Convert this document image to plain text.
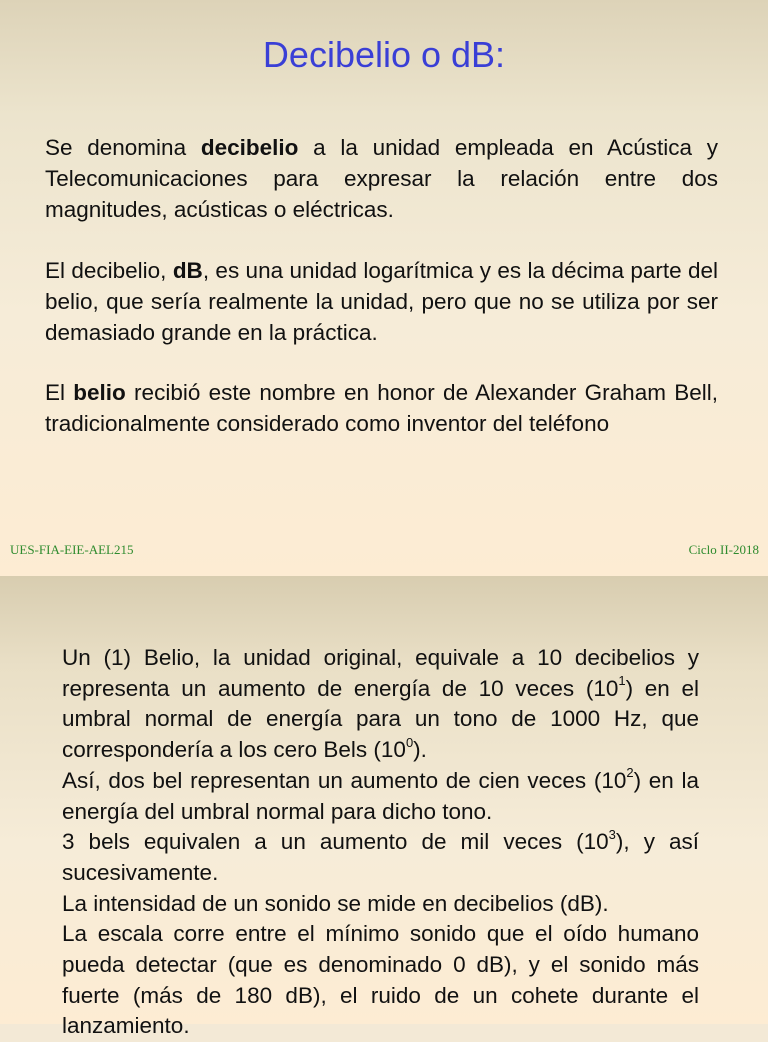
Decibelio o dB:

Se denomina decibelio a la unidad empleada en Acústica y Telecomunicaciones para expresar la relación entre dos magnitudes, acústicas o eléctricas.

El decibelio, dB, es una unidad logarítmica y es la décima parte del belio, que sería realmente la unidad, pero que no se utiliza por ser demasiado grande en la práctica.

El belio recibió este nombre en honor de Alexander Graham Bell, tradicionalmente considerado como inventor del teléfono

UES-FIA-EIE-AEL215	Ciclo II-2018

Un (1) Belio, la unidad original, equivale a 10 decibelios y representa un aumento de energía de 10 veces $(10^1)$ en el umbral normal de energía para un tono de 1000 Hz, que correspondería a los cero Bels $(10^0)$.
Así, dos bel representan un aumento de cien veces $(10^2)$ en la energía del umbral normal para dicho tono.
3 bels equivalen a un aumento de mil veces $(10^3)$, y así sucesivamente.
La intensidad de un sonido se mide en decibelios (dB).
La escala corre entre el mínimo sonido que el oído humano pueda detectar (que es denominado 0 dB), y el sonido más fuerte (más de 180 dB), el ruido de un cohete durante el lanzamiento.
